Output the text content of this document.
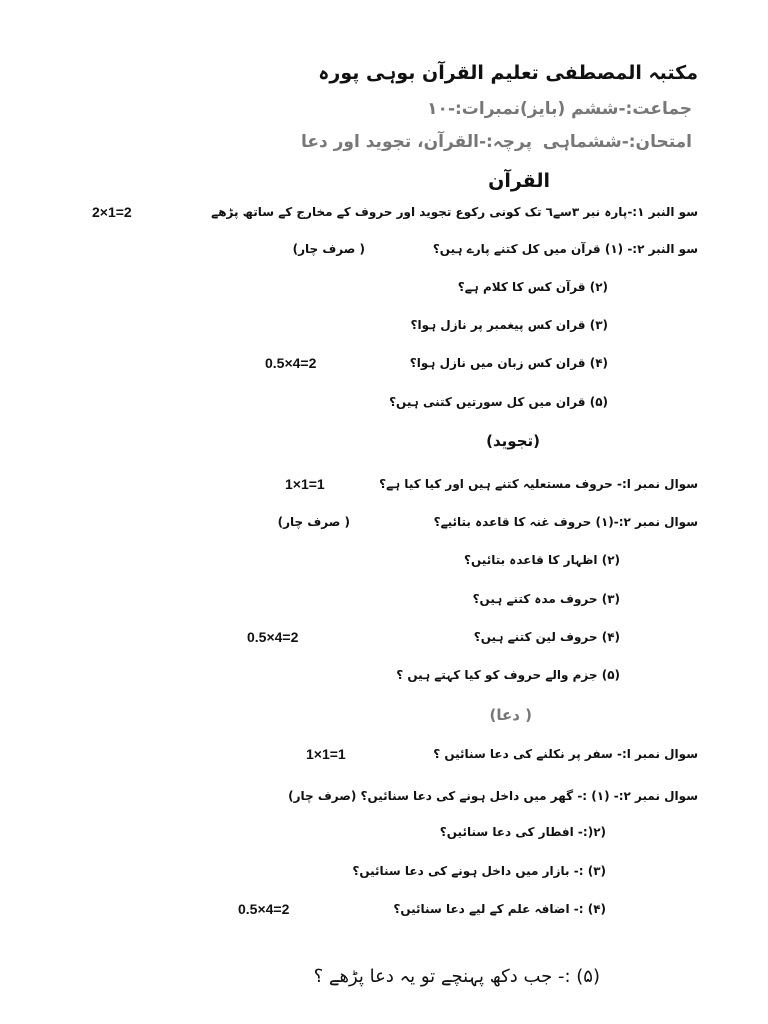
مکتبہ المصطفی تعلیم القرآن بوہی پورہ
جماعت:-ششم (بایز)
نمبرات:-۱۰
امتحان:-ششماہی
پرچہ:-القرآن، تجوید اور دعا
القرآن
سو النبر ۱:-پارہ نبر ۳سے٦ تک کونی رکوع تجوید اور حروف کے مخارج کے ساتھ پڑھے
2×1=2
سو النبر ۲:- (۱) قرآن میں کل کتنے پارے ہیں؟
( صرف چار)
(۲) قرآن کس کا کلام ہے؟
(۳) قران کس پیغمبر پر نازل ہوا؟
(۴) قران کس زبان میں نازل ہوا؟
0.5×4=2
(۵) قران میں کل سورتیں کتنی ہیں؟
(تجوید)
سوال نمبر ا:- حروف مستعلیہ کتنے ہیں اور کیا کیا ہے؟
1×1=1
سوال نمبر ۲:-(۱) حروف غنہ کا قاعدہ بتائیے؟
( صرف چار)
(۲) اظہار کا قاعدہ بتائیں؟
(۳) حروف مدہ کتنے ہیں؟
(۴) حروف لین کتنے ہیں؟
0.5×4=2
(۵) جزم والے حروف کو کیا کہتے ہیں ؟
( دعا)
سوال نمبر ا:- سفر پر نکلنے کی دعا سنائیں ؟
1×1=1
سوال نمبر ۲:- (۱) :- گھر میں داخل ہونے کی دعا سنائیں؟ (صرف چار)
(۲(:- افطار کی دعا سنائیں؟
(۳) :- بازار میں داخل ہونے کی دعا سنائیں؟
(۴) :- اضافہ علم کے لیے دعا سنائیں؟
0.5×4=2
(۵) :- جب دکھ پہنچے تو یہ دعا پڑھے ؟
